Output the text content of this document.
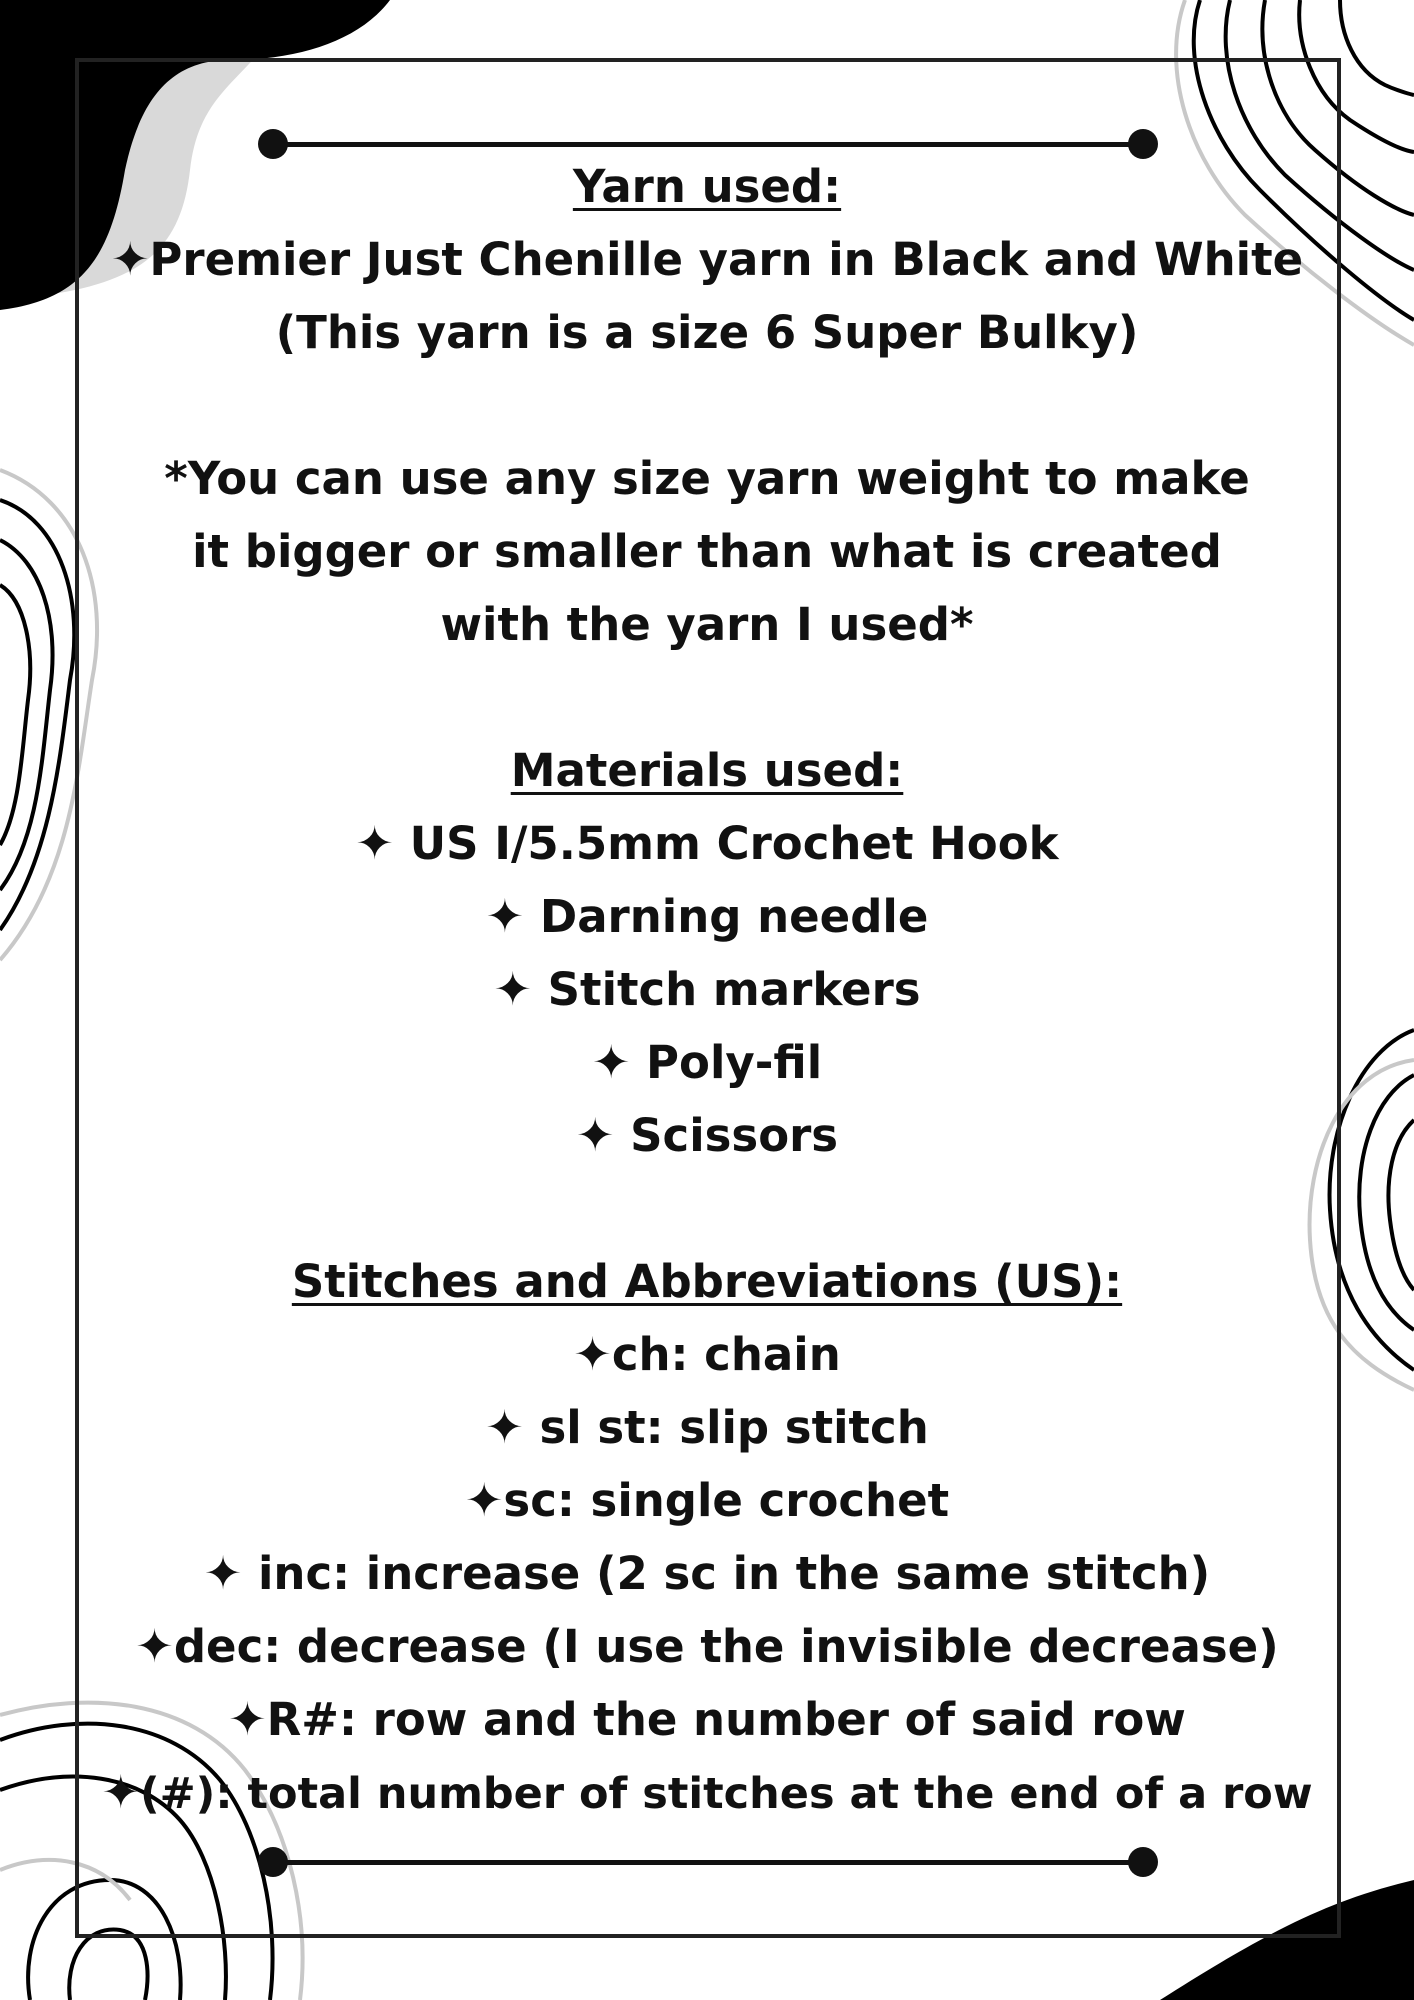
Yarn used:

✦Premier Just Chenille yarn in Black and White

(This yarn is a size 6 Super Bulky)

*You can use any size yarn weight to make

it bigger or smaller than what is created

with the yarn I used*

Materials used:

✦ US I/5.5mm Crochet Hook

✦ Darning needle

✦ Stitch markers

✦ Poly-fil

✦ Scissors

Stitches and Abbreviations (US):

✦ch: chain

✦ sl st: slip stitch

✦sc: single crochet

✦ inc: increase (2 sc in the same stitch)

✦dec: decrease (I use the invisible decrease)

✦R#: row and the number of said row

✦(#): total number of stitches at the end of a row
